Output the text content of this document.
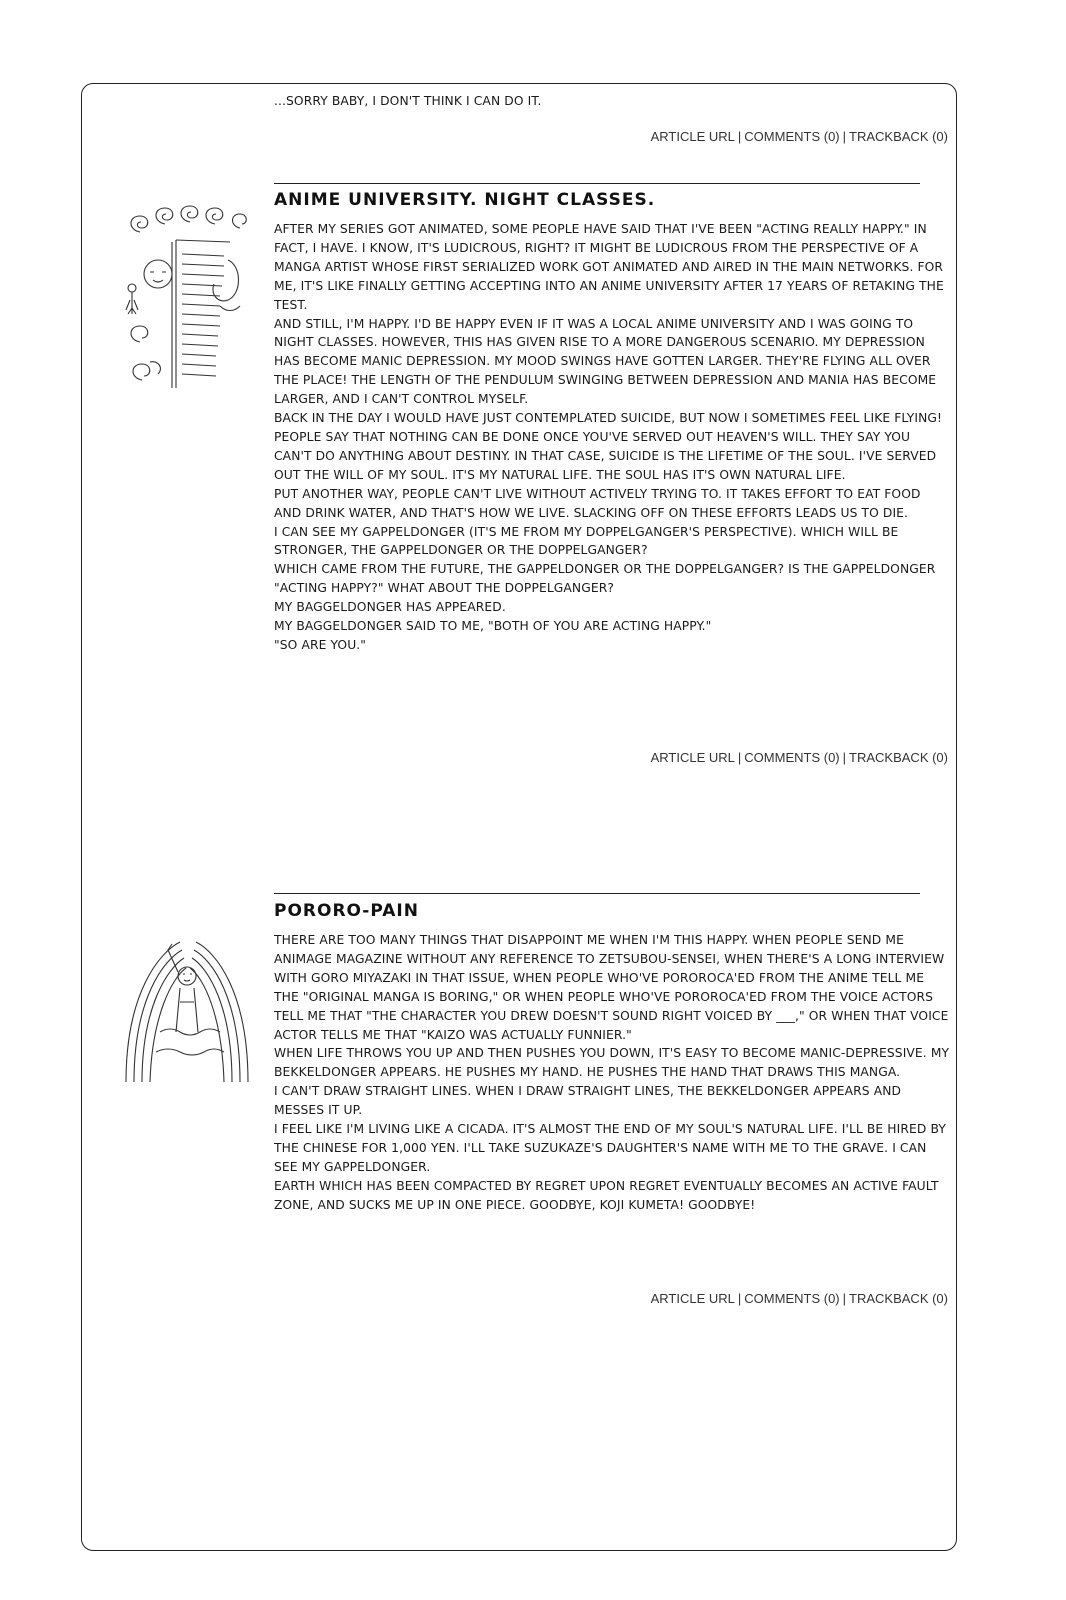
...SORRY BABY, I DON'T THINK I CAN DO IT.

ARTICLE URL | COMMENTS (0) | TRACKBACK (0)
ANIME UNIVERSITY. NIGHT CLASSES.

AFTER MY SERIES GOT ANIMATED, SOME PEOPLE HAVE SAID THAT I'VE BEEN "ACTING REALLY HAPPY." IN FACT, I HAVE. I KNOW, IT'S LUDICROUS, RIGHT? IT MIGHT BE LUDICROUS FROM THE PERSPECTIVE OF A MANGA ARTIST WHOSE FIRST SERIALIZED WORK GOT ANIMATED AND AIRED IN THE MAIN NETWORKS. FOR ME, IT'S LIKE FINALLY GETTING ACCEPTING INTO AN ANIME UNIVERSITY AFTER 17 YEARS OF RETAKING THE TEST.

AND STILL, I'M HAPPY. I'D BE HAPPY EVEN IF IT WAS A LOCAL ANIME UNIVERSITY AND I WAS GOING TO NIGHT CLASSES. HOWEVER, THIS HAS GIVEN RISE TO A MORE DANGEROUS SCENARIO. MY DEPRESSION HAS BECOME MANIC DEPRESSION. MY MOOD SWINGS HAVE GOTTEN LARGER. THEY'RE FLYING ALL OVER THE PLACE! THE LENGTH OF THE PENDULUM SWINGING BETWEEN DEPRESSION AND MANIA HAS BECOME LARGER, AND I CAN'T CONTROL MYSELF.

BACK IN THE DAY I WOULD HAVE JUST CONTEMPLATED SUICIDE, BUT NOW I SOMETIMES FEEL LIKE FLYING!

PEOPLE SAY THAT NOTHING CAN BE DONE ONCE YOU'VE SERVED OUT HEAVEN'S WILL. THEY SAY YOU CAN'T DO ANYTHING ABOUT DESTINY. IN THAT CASE, SUICIDE IS THE LIFETIME OF THE SOUL. I'VE SERVED OUT THE WILL OF MY SOUL. IT'S MY NATURAL LIFE. THE SOUL HAS IT'S OWN NATURAL LIFE.

PUT ANOTHER WAY, PEOPLE CAN'T LIVE WITHOUT ACTIVELY TRYING TO. IT TAKES EFFORT TO EAT FOOD AND DRINK WATER, AND THAT'S HOW WE LIVE. SLACKING OFF ON THESE EFFORTS LEADS US TO DIE.

I CAN SEE MY GAPPELDONGER (IT'S ME FROM MY DOPPELGANGER'S PERSPECTIVE). WHICH WILL BE STRONGER, THE GAPPELDONGER OR THE DOPPELGANGER?

WHICH CAME FROM THE FUTURE, THE GAPPELDONGER OR THE DOPPELGANGER? IS THE GAPPELDONGER "ACTING HAPPY?" WHAT ABOUT THE DOPPELGANGER?

MY BAGGELDONGER HAS APPEARED.

MY BAGGELDONGER SAID TO ME, "BOTH OF YOU ARE ACTING HAPPY."

"SO ARE YOU."

ARTICLE URL | COMMENTS (0) | TRACKBACK (0)
PORORO-PAIN

THERE ARE TOO MANY THINGS THAT DISAPPOINT ME WHEN I'M THIS HAPPY. WHEN PEOPLE SEND ME ANIMAGE MAGAZINE WITHOUT ANY REFERENCE TO ZETSUBOU-SENSEI, WHEN THERE'S A LONG INTERVIEW WITH GORO MIYAZAKI IN THAT ISSUE, WHEN PEOPLE WHO'VE POROROCA'ED FROM THE ANIME TELL ME THE "ORIGINAL MANGA IS BORING," OR WHEN PEOPLE WHO'VE POROROCA'ED FROM THE VOICE ACTORS TELL ME THAT "THE CHARACTER YOU DREW DOESN'T SOUND RIGHT VOICED BY ___," OR WHEN THAT VOICE ACTOR TELLS ME THAT "KAIZO WAS ACTUALLY FUNNIER."

WHEN LIFE THROWS YOU UP AND THEN PUSHES YOU DOWN, IT'S EASY TO BECOME MANIC-DEPRESSIVE. MY BEKKELDONGER APPEARS. HE PUSHES MY HAND. HE PUSHES THE HAND THAT DRAWS THIS MANGA.

I CAN'T DRAW STRAIGHT LINES. WHEN I DRAW STRAIGHT LINES, THE BEKKELDONGER APPEARS AND MESSES IT UP.

I FEEL LIKE I'M LIVING LIKE A CICADA. IT'S ALMOST THE END OF MY SOUL'S NATURAL LIFE. I'LL BE HIRED BY THE CHINESE FOR 1,000 YEN. I'LL TAKE SUZUKAZE'S DAUGHTER'S NAME WITH ME TO THE GRAVE. I CAN SEE MY GAPPELDONGER.

EARTH WHICH HAS BEEN COMPACTED BY REGRET UPON REGRET EVENTUALLY BECOMES AN ACTIVE FAULT ZONE, AND SUCKS ME UP IN ONE PIECE. GOODBYE, KOJI KUMETA! GOODBYE!

ARTICLE URL | COMMENTS (0) | TRACKBACK (0)
